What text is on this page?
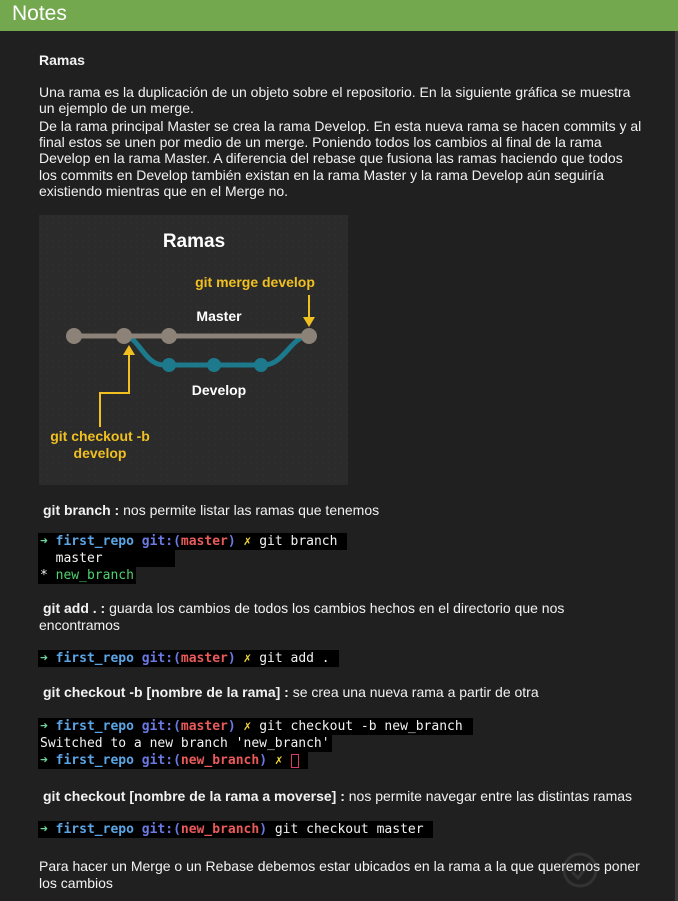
Notes
Ramas
Una rama es la duplicación de un objeto sobre el repositorio. En la siguiente gráfica se muestra
un ejemplo de un merge.
De la rama principal Master se crea la rama Develop. En esta nueva rama se hacen commits y al
final estos se unen por medio de un merge. Poniendo todos los cambios al final de la rama
Develop en la rama Master. A diferencia del rebase que fusiona las ramas haciendo que todos
los commits en Develop también existan en la rama Master y la rama Develop aún seguiría
existiendo mientras que en el Merge no.
Ramas
git merge develop
Master
Develop
git checkout -b
develop
git branch : nos permite listar las ramas que tenemos
➜ first_repo git:(master) ✗ git branch
master
* new_branch
git add . : guarda los cambios de todos los cambios hechos en el directorio que nos
encontramos
➜ first_repo git:(master) ✗ git add .
git checkout -b [nombre de la rama] : se crea una nueva rama a partir de otra
➜ first_repo git:(master) ✗ git checkout -b new_branch
Switched to a new branch 'new_branch'
➜ first_repo git:(new_branch) ✗
git checkout [nombre de la rama a moverse] : nos permite navegar entre las distintas ramas
➜ first_repo git:(new_branch) git checkout master
Para hacer un Merge o un Rebase debemos estar ubicados en la rama a la que queremos poner
los cambios
